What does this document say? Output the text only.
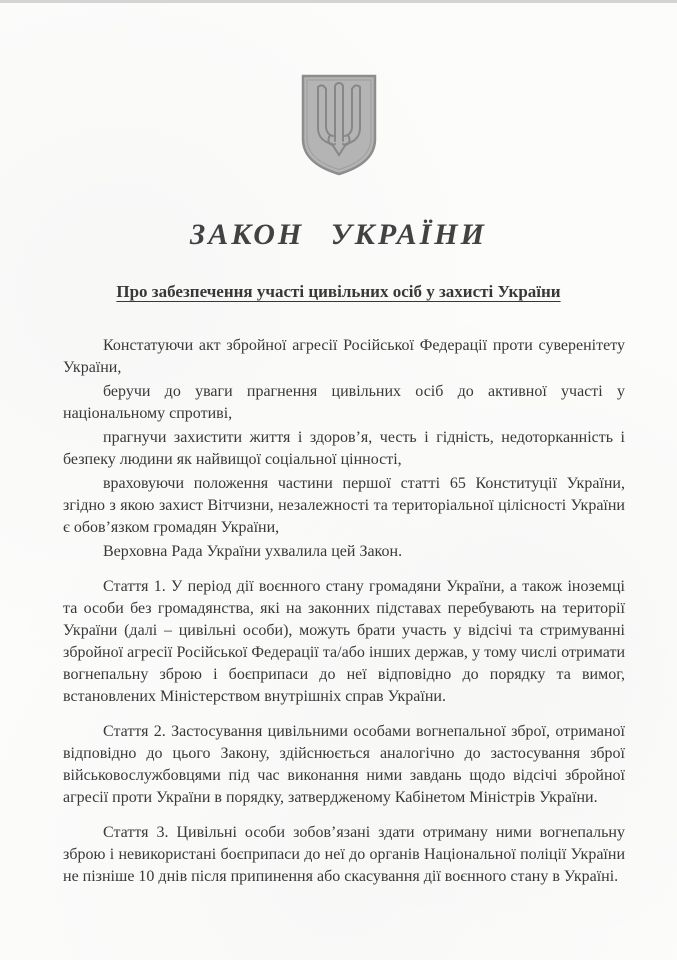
ЗАКОН УКРАЇНИ
Про забезпечення участі цивільних осіб у захисті України

Констатуючи акт збройної агресії Російської Федерації проти суверенітету України,

беручи до уваги прагнення цивільних осіб до активної участі у національному спротиві,

прагнучи захистити життя і здоров’я, честь і гідність, недоторканність і безпеку людини як найвищої соціальної цінності,

враховуючи положення частини першої статті 65 Конституції України, згідно з якою захист Вітчизни, незалежності та територіальної цілісності України є обов’язком громадян України,

Верховна Рада України ухвалила цей Закон.

Стаття 1. У період дії воєнного стану громадяни України, а також іноземці та особи без громадянства, які на законних підставах перебувають на території України (далі – цивільні особи), можуть брати участь у відсічі та стримуванні збройної агресії Російської Федерації та/або інших держав, у тому числі отримати вогнепальну зброю і боєприпаси до неї відповідно до порядку та вимог, встановлених Міністерством внутрішніх справ України.

Стаття 2. Застосування цивільними особами вогнепальної зброї, отриманої відповідно до цього Закону, здійснюється аналогічно до застосування зброї військовослужбовцями під час виконання ними завдань щодо відсічі збройної агресії проти України в порядку, затвердженому Кабінетом Міністрів України.

Стаття 3. Цивільні особи зобов’язані здати отриману ними вогнепальну зброю і невикористані боєприпаси до неї до органів Національної поліції України не пізніше 10 днів після припинення або скасування дії воєнного стану в Україні.
